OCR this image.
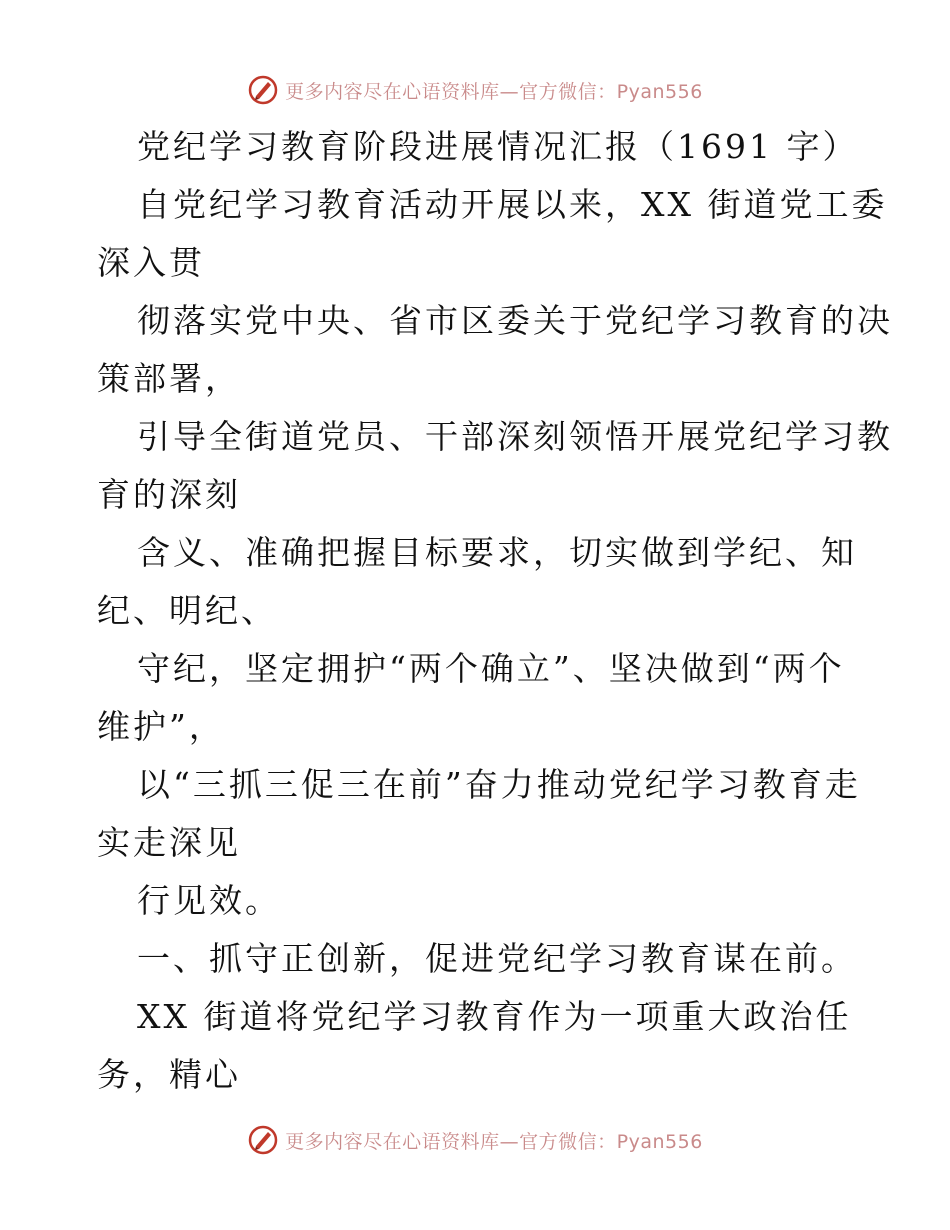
更多内容尽在心语资料库—官方微信：Pyan556
党纪学习教育阶段进展情况汇报（1691 字）
自党纪学习教育活动开展以来，XX 街道党工委
深入贯
彻落实党中央、省市区委关于党纪学习教育的决
策部署，
引导全街道党员、干部深刻领悟开展党纪学习教
育的深刻
含义、准确把握目标要求，切实做到学纪、知
纪、明纪、
守纪，坚定拥护“两个确立”、坚决做到“两个
维护”，
以“三抓三促三在前”奋力推动党纪学习教育走
实走深见
行见效。
一、抓守正创新，促进党纪学习教育谋在前。
XX 街道将党纪学习教育作为一项重大政治任
务，精心
更多内容尽在心语资料库—官方微信：Pyan556
